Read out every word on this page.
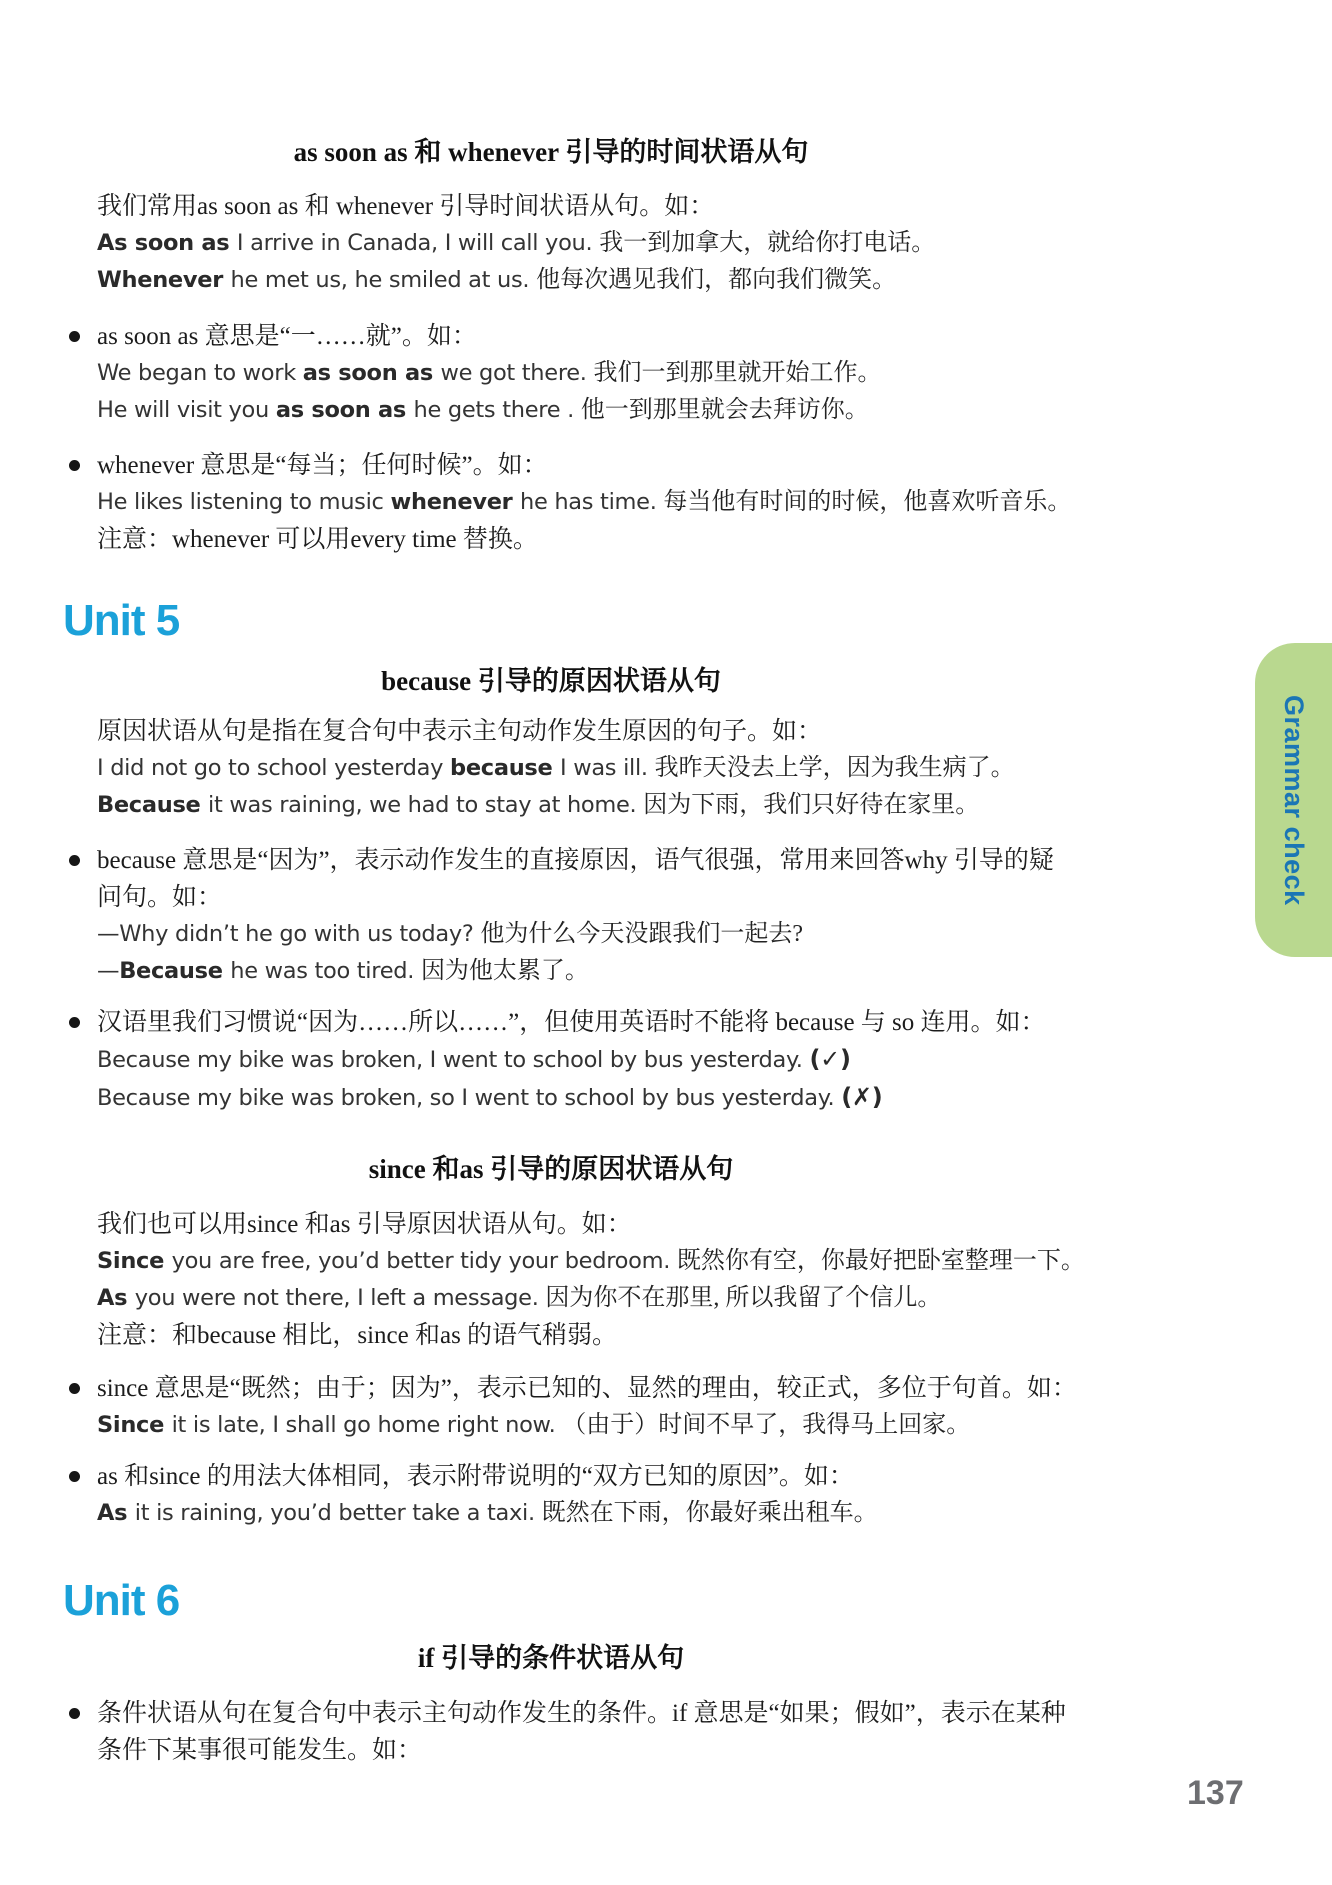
as soon as 和 whenever 引导的时间状语从句
我们常用as soon as 和 whenever 引导时间状语从句。如：
As soon as I arrive in Canada, I will call you. 我一到加拿大，就给你打电话。
Whenever he met us, he smiled at us. 他每次遇见我们，都向我们微笑。
as soon as 意思是“一……就”。如：
We began to work as soon as we got there. 我们一到那里就开始工作。
He will visit you as soon as he gets there . 他一到那里就会去拜访你。
whenever 意思是“每当；任何时候”。如：
He likes listening to music whenever he has time. 每当他有时间的时候，他喜欢听音乐。
注意：whenever 可以用every time 替换。
Unit 5
because 引导的原因状语从句
原因状语从句是指在复合句中表示主句动作发生原因的句子。如：
I did not go to school yesterday because I was ill. 我昨天没去上学，因为我生病了。
Because it was raining, we had to stay at home. 因为下雨，我们只好待在家里。
because 意思是“因为”，表示动作发生的直接原因，语气很强，常用来回答why 引导的疑
问句。如：
—Why didn’t he go with us today? 他为什么今天没跟我们一起去?
—Because he was too tired. 因为他太累了。
汉语里我们习惯说“因为……所以……”，但使用英语时不能将 because 与 so 连用。如：
Because my bike was broken, I went to school by bus yesterday. (✓)
Because my bike was broken, so I went to school by bus yesterday. (✗)
since 和as 引导的原因状语从句
我们也可以用since 和as 引导原因状语从句。如：
Since you are free, you’d better tidy your bedroom. 既然你有空，你最好把卧室整理一下。
As you were not there, I left a message. 因为你不在那里, 所以我留了个信儿。
注意：和because 相比，since 和as 的语气稍弱。
since 意思是“既然；由于；因为”，表示已知的、显然的理由，较正式，多位于句首。如：
Since it is late, I shall go home right now. （由于）时间不早了，我得马上回家。
as 和since 的用法大体相同，表示附带说明的“双方已知的原因”。如：
As it is raining, you’d better take a taxi. 既然在下雨，你最好乘出租车。
Unit 6
if 引导的条件状语从句
条件状语从句在复合句中表示主句动作发生的条件。if 意思是“如果；假如”，表示在某种
条件下某事很可能发生。如：
Grammar check
137
